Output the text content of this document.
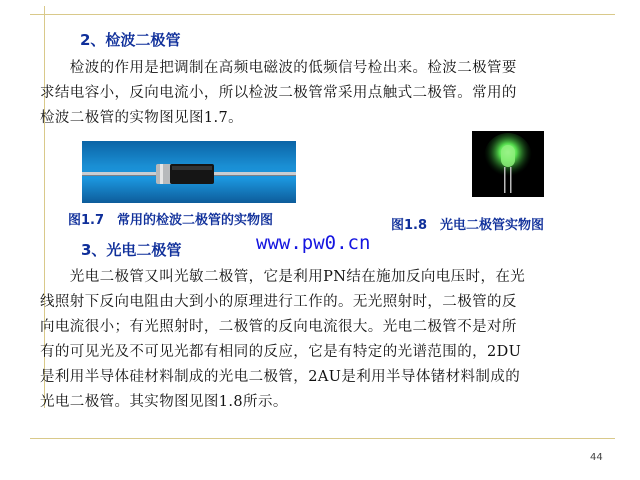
2、检波二极管
　　检波的作用是把调制在高频电磁波的低频信号检出来。检波二极管要
求结电容小，反向电流小，所以检波二极管常采用点触式二极管。常用的
检波二极管的实物图见图1.7。
图1.7　常用的检波二极管的实物图	图1.8　光电二极管实物图
www.pw0.cn
3、光电二极管
　　光电二极管又叫光敏二极管，它是利用PN结在施加反向电压时，在光
线照射下反向电阻由大到小的原理进行工作的。无光照射时，二极管的反
向电流很小；有光照射时，二极管的反向电流很大。光电二极管不是对所
有的可见光及不可见光都有相同的反应，它是有特定的光谱范围的，2DU
是利用半导体硅材料制成的光电二极管，2AU是利用半导体锗材料制成的
光电二极管。其实物图见图1.8所示。
44
